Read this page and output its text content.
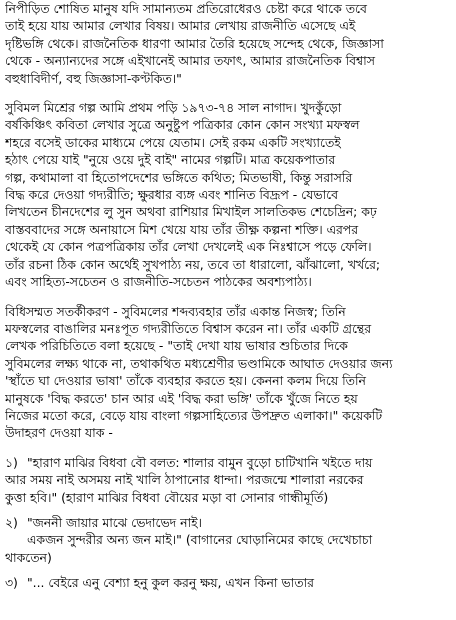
নিপীড়িত শোষিত মানুষ যদি সামান্যতম প্রতিরোধেরও চেষ্টা করে থাকে তবে
তাই হয়ে যায় আমার লেখার বিষয়। আমার লেখায় রাজনীতি এসেছে এই
দৃষ্টিভঙ্গি থেকে। রাজনৈতিক ধারণা আমার তৈরি হয়েছে সন্দেহ থেকে, জিজ্ঞাসা
থেকে - অন্যান্যদের সঙ্গে এইখানেই আমার তফাৎ, আমার রাজনৈতিক বিশ্বাস
বহুধাবিদীর্ণ, বহু জিজ্ঞাসা-কণ্টকিত।"
সুবিমল মিশ্রের গল্প আমি প্রথম পড়ি ১৯৭৩-৭৪ সাল নাগাদ। খুদকুঁড়ো
বর্ষকিঞ্চিৎ কবিতা লেখার সুত্রে অনুষ্টুপ পত্রিকার কোন কোন সংখ্যা মফস্বল
শহরে বসেই ডাকের মাধ্যমে পেয়ে যেতাম। সেই রকম একটি সংখ্যাতেই
হঠাৎ পেয়ে যাই "নুয়ে ওয়ে দুই বাই" নামের গল্পটি। মাত্র কয়েকপাতার
গল্প, কথামালা বা হিতোপদেশের ভঙ্গিতে কথিত; মিতভাষী, কিন্তু সরাসরি
বিদ্ধ করে দেওয়া গদ্যরীতি; ক্ষুরধার ব্যঙ্গ এবং শানিত বিদ্রূপ - যেভাবে
লিখতেন চীনদেশের লু সুন অথবা রাশিয়ার মিখাইল সালতিকভ শেচেদ্রিন; কঢ়
বাস্তববাদের সঙ্গে অনায়াসে মিশ খেয়ে যায় তাঁর তীক্ষ্ণ কল্পনা শক্তি। এরপর
থেকেই যে কোন পত্রপত্রিকায় তাঁর লেখা দেখলেই এক নিঃশ্বাসে পড়ে ফেলি।
তাঁর রচনা ঠিক কোন অর্থেই সুখপাঠ্য নয়, তবে তা ধারালো, ঝাঁঝালো, খর্খরে;
এবং সাহিত্য-সচেতন ও রাজনীতি-সচেতন পাঠকের অবশ্যপাঠ্য।
বিধিসম্মত সতর্কীকরণ - সুবিমলের শব্দব্যবহার তাঁর একান্ত নিজস্ব; তিনি
মফস্বলের বাঙালির মনঃপূত গদ্যরীতিতে বিশ্বাস করেন না। তাঁর একটি গ্রন্থের
লেখক পরিচিতিতে বলা হয়েছে - "তাই দেখা যায় ভাষার শুচিতার দিকে
সুবিমলের লক্ষ্য থাকে না, তথাকথিত মধ্যশ্রেণীর ভণ্ডামিকে আঘাত দেওয়ার জন্য
'স্থাঁতে ঘা দেওয়ার ভাষা' তাঁকে ব্যবহার করতে হয়। কেননা কলম দিয়ে তিনি
মানুষকে 'বিদ্ধ করতে' চান আর এই 'বিদ্ধ করা ভঙ্গি' তাঁকে খুঁজে নিতে হয়
নিজের মতো করে, বেড়ে যায় বাংলা গল্পসাহিত্যের উপদ্রুত এলাকা।" কয়েকটি
উদাহরণ দেওয়া যাক -
১) "হারাণ মাঝির বিধবা বৌ বলত: শালার বামুন বুড়ো চাটিখানি খইতে দায়
আর সময় নাই অসময় নাই খালি ঠাপানোর ধান্দা। পরজন্মে শালারা নরকের
কুত্তা হবি।" (হারাণ মাঝির বিধবা বৌয়ের মড়া বা সোনার গান্ধীমূর্তি)
২) "জননী জায়ার মাঝে ভেদাভেদ নাই।
একজন সুন্দরীর অন্য জন মাই।" (বাগানের ঘোড়ানিমের কাছে দেখেচাচা
থাকতেন)
৩) "... বেইরে এনু বেশ্যা হনু কুল করনু ক্ষয়, এখন কিনা ভাতার
